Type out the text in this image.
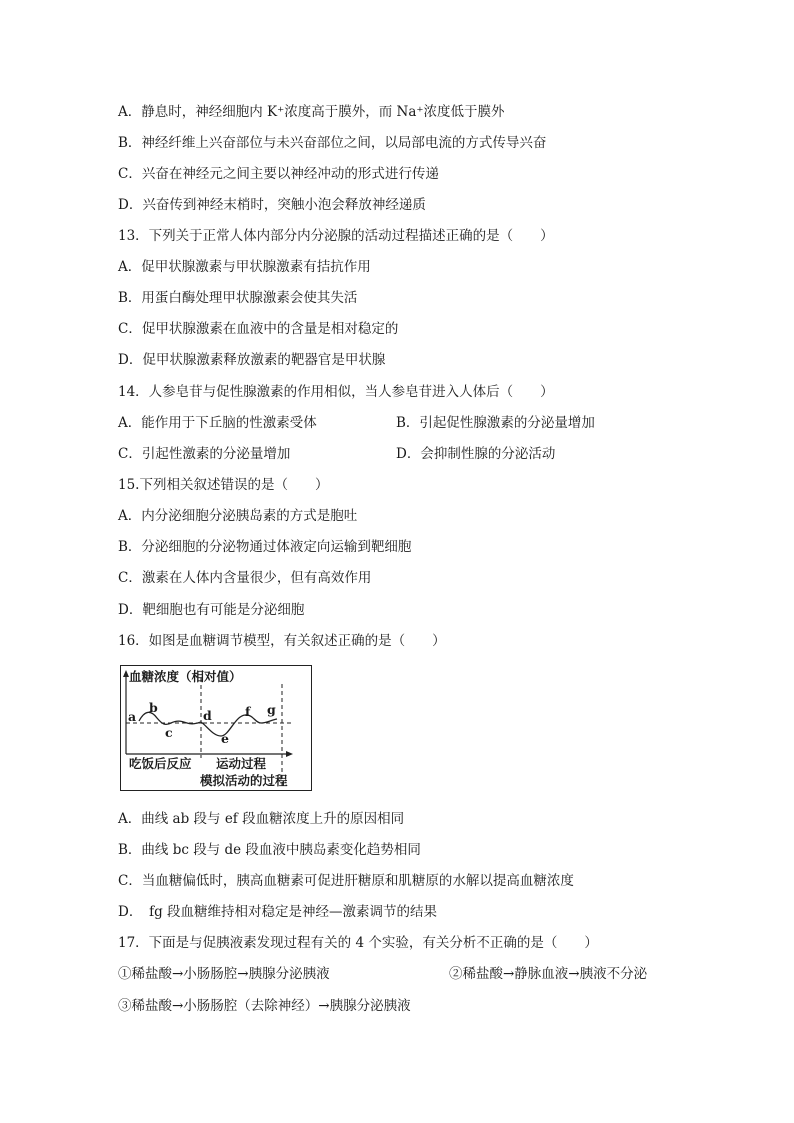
A．静息时，神经细胞内 K⁺浓度高于膜外，而 Na⁺浓度低于膜外
B．神经纤维上兴奋部位与未兴奋部位之间，以局部电流的方式传导兴奋
C．兴奋在神经元之间主要以神经冲动的形式进行传递
D．兴奋传到神经末梢时，突触小泡会释放神经递质
13．下列关于正常人体内部分内分泌腺的活动过程描述正确的是（　　）
A．促甲状腺激素与甲状腺激素有拮抗作用
B．用蛋白酶处理甲状腺激素会使其失活
C．促甲状腺激素在血液中的含量是相对稳定的
D．促甲状腺激素释放激素的靶器官是甲状腺
14．人参皂苷与促性腺激素的作用相似，当人参皂苷进入人体后（　　）
A．能作用于下丘脑的性激素受体	B．引起促性腺激素的分泌量增加
C．引起性激素的分泌量增加	D．会抑制性腺的分泌活动
15.下列相关叙述错误的是（　　）
A．内分泌细胞分泌胰岛素的方式是胞吐
B．分泌细胞的分泌物通过体液定向运输到靶细胞
C．激素在人体内含量很少，但有高效作用
D．靶细胞也有可能是分泌细胞
16．如图是血糖调节模型，有关叙述正确的是（　　）
血糖浓度（相对值）
a
b
c
d
e
f g
吃饭后反应 运动过程
模拟活动的过程
A．曲线 ab 段与 ef 段血糖浓度上升的原因相同
B．曲线 bc 段与 de 段血液中胰岛素变化趋势相同
C．当血糖偏低时，胰高血糖素可促进肝糖原和肌糖原的水解以提高血糖浓度
D．　fg 段血糖维持相对稳定是神经—激素调节的结果
17．下面是与促胰液素发现过程有关的 4 个实验，有关分析不正确的是（　　）
①稀盐酸→小肠肠腔→胰腺分泌胰液	②稀盐酸→静脉血液→胰液不分泌
③稀盐酸→小肠肠腔（去除神经）→胰腺分泌胰液
